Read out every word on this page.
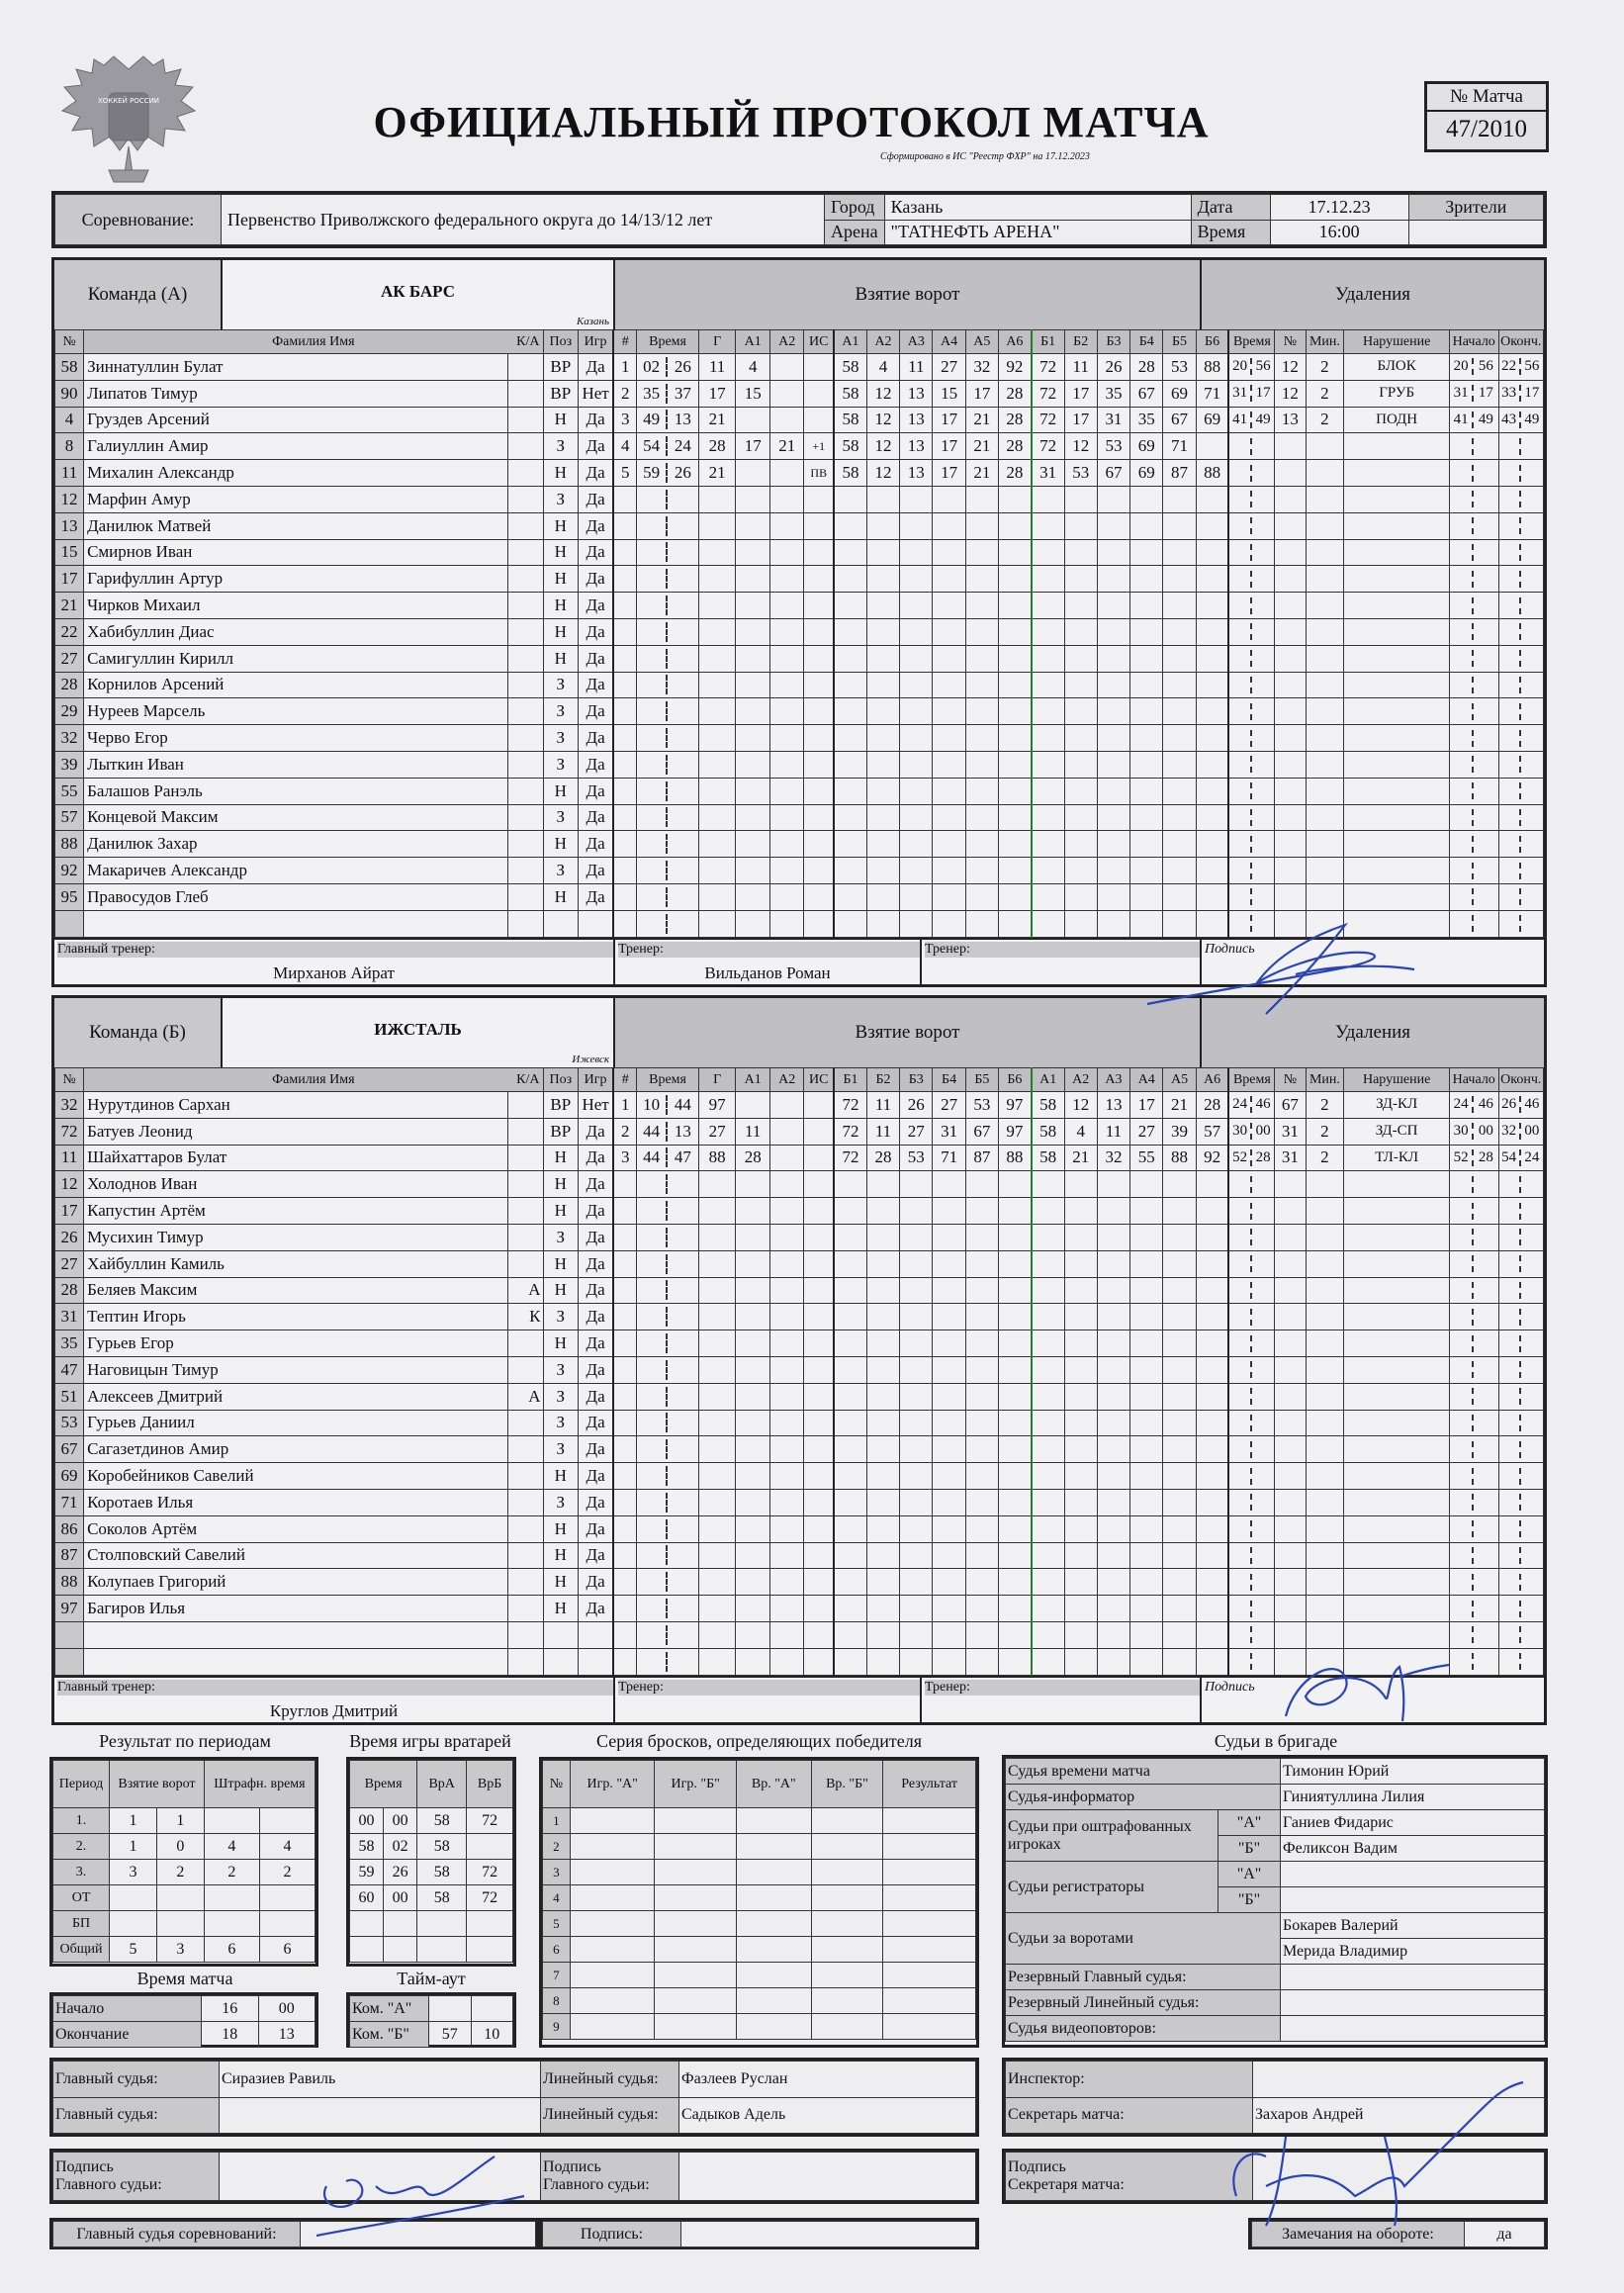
ХОККЕЙ РОССИИ	ОФИЦИАЛЬНЫЙ ПРОТОКОЛ МАТЧА
Сформировано в ИС "Реестр ФХР" на 17.12.2023
№ Матча
47/2010
Соревнование:	Первенство Приволжского федерального округа до 14/13/12 лет	Город	Казань	Дата	17.12.23	Зрители
		Арена	"ТАТНЕФТЬ АРЕНА"	Время	16:00	
Команда (А)	АК БАРС
Казань
Взятие ворот	Удаления
№	Фамилия Имя К/А		Поз	Игр	#	Время	Г	А1	А2	ИС	А1	А2	А3	А4	А5	А6	Б1	Б2	Б3	Б4	Б5	Б6	Время	№	Мин.	Нарушение	Начало	Оконч.
58	Зиннатуллин Булат		ВР	Да	1	02 26	11	4			58	4	11	27	32	92	72	11	26	28	53	88	20 56	12	2	БЛОК	20 56	22 56
90	Липатов Тимур		ВР	Нет	2	35 37	17	15			58	12	13	15	17	28	72	17	35	67	69	71	31 17	12	2	ГРУБ	31 17	33 17
4	Груздев Арсений		Н	Да	3	49 13	21				58	12	13	17	21	28	72	17	31	35	67	69	41 49	13	2	ПОДН	41 49	43 49
8	Галиуллин Амир		З	Да	4	54 24	28	17	21	+1	58	12	13	17	21	28	72	12	53	69	71							
11	Михалин Александр		Н	Да	5	59 26	21			ПВ	58	12	13	17	21	28	31	53	67	69	87	88						
12	Марфин Амур		З	Да																								
13	Данилюк Матвей		Н	Да																								
15	Смирнов Иван		Н	Да																								
17	Гарифуллин Артур		Н	Да																								
21	Чирков Михаил		Н	Да																								
22	Хабибуллин Диас		Н	Да																								
27	Самигуллин Кирилл		Н	Да																								
28	Корнилов Арсений		З	Да																								
29	Нуреев Марсель		З	Да																								
32	Черво Егор		З	Да																								
39	Лыткин Иван		З	Да																								
55	Балашов Ранэль		Н	Да																								
57	Концевой Максим		З	Да																								
88	Данилюк Захар		Н	Да																								
92	Макаричев Александр		З	Да																								
95	Правосудов Глеб		Н	Да																								

Главный тренер:
Мирханов Айрат
Тренер:
Вильданов Роман
Тренер:	Подпись
Команда (Б)	ИЖСТАЛЬ
Ижевск
Взятие ворот	Удаления
№	Фамилия Имя К/А		Поз	Игр	#	Время	Г	А1	А2	ИС	Б1	Б2	Б3	Б4	Б5	Б6	А1	А2	А3	А4	А5	А6	Время	№	Мин.	Нарушение	Начало	Оконч.
32	Нурутдинов Сархан		ВР	Нет	1	10 44	97				72	11	26	27	53	97	58	12	13	17	21	28	24 46	67	2	ЗД-КЛ	24 46	26 46
72	Батуев Леонид		ВР	Да	2	44 13	27	11			72	11	27	31	67	97	58	4	11	27	39	57	30 00	31	2	ЗД-СП	30 00	32 00
11	Шайхаттаров Булат		Н	Да	3	44 47	88	28			72	28	53	71	87	88	58	21	32	55	88	92	52 28	31	2	ТЛ-КЛ	52 28	54 24
12	Холоднов Иван		Н	Да																								
17	Капустин Артём		Н	Да																								
26	Мусихин Тимур		З	Да																								
27	Хайбуллин Камиль		Н	Да																								
28	Беляев Максим	А	Н	Да																								
31	Тептин Игорь	К	З	Да																								
35	Гурьев Егор		Н	Да																								
47	Наговицын Тимур		З	Да																								
51	Алексеев Дмитрий	А	З	Да																								
53	Гурьев Даниил		З	Да																								
67	Сагазетдинов Амир		З	Да																								
69	Коробейников Савелий		Н	Да																								
71	Коротаев Илья		З	Да																								
86	Соколов Артём		Н	Да																								
87	Столповский Савелий		Н	Да																								
88	Колупаев Григорий		Н	Да																								
97	Багиров Илья		Н	Да																								

Главный тренер:
Круглов Дмитрий
Тренер:	Тренер:	Подпись
Результат по периодам
Период	Взятие ворот		Штрафн. время	
1.	1	1		
2.	1	0	4	4
3.	3	2	2	2
ОТ				
БП				
Общий	5	3	6	6
Время игры вратарей
Время		ВрА	ВрБ
00	00	58	72
58	02	58	
59	26	58	72
60	00	58	72

Время матча
Начало	16	00
Окончание	18	13
Тайм-аут
Ком. "А"		
Ком. "Б"	57	10
Серия бросков, определяющих победителя
№	Игр. "А"	Игр. "Б"	Вр. "А"	Вр. "Б"	Результат
1					
2					
3					
4					
5					
6					
7					
8					
9					
Судьи в бригаде
Судья времени матча		Тимонин Юрий
Судья-информатор		Гиниятуллина Лилия
Судьи при оштрафованных игроках	"А"	Ганиев Фидарис
	"Б"	Феликсон Вадим
Судьи регистраторы	"А"	
	"Б"	
Судьи за воротами		Бокарев Валерий
		Мерида Владимир
Резервный Главный судья:		
Резервный Линейный судья:		
Судья видеоповторов:		
Главный судья:	Сиразиев Равиль	Линейный судья:	Фазлеев Руслан
Главный судья:		Линейный судья:	Садыков Адель
Инспектор:	
Секретарь матча:	Захаров Андрей
Подпись
Главного судьи:		Подпись
Главного судьи:	
Подпись
Секретаря матча:	
Главный судья соревнований:		Подпись:		Замечания на обороте:	да
